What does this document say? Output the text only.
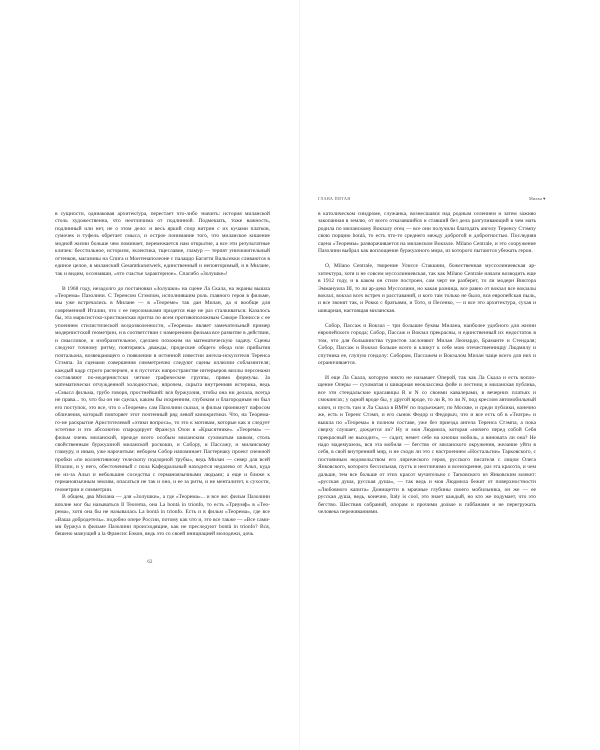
в сущности, одинаковая архитектура, перестает что-либо значить: история миланской столь художественна, что неотличима от подлинной. Подмешать, тоже важность, подлинный или нет, не о этом дело: и весь яркий спор витрин с их кучами платков, сумочек и туфель обретает смысл, и острое понимание того, что миланское кишение модной жизни больше чем поминает, перемежается нам открытие, а все эти результатные кличек: бесстильное, историзм, эклектика, тщеславие, гламур — терпят уничижительный оттенков, магазины на Спига и Монтенаполеоне с палаццо Багатти Вальсекки сливаются в единое целое, в миланский Gesamtkunstwerk, единственный и неповторимый, и в Милане, так и видим, осознавши, «что счастье характерное». Спасибо «Золушке»!

В 1968 году, незадолго до постановки «Золушки» на сцене Ла Скала, на экраны вышла «Теорема» Пазолини. С Теренсом Стэмпом, исполнившим роль главного героя в фильме, мы уже встречались в Милане — в «Теореме» так дан Милан, да и вообще для современной Италии, что с ее персонажами придется еще не раз сталкиваться. Казалось бы, эта марксистско-христианская притча по всем противоположным Сикоре Понисси с ее упоением стилистической вседозволенности, «Теорема» являет замечательный пример модернистской геометрии, и в соответствии с намерением фильма все развитие в действии, и смысловое, и изобразительное, сделано похожим на математическую задачу. Сцены следуют точному ритму, повторяясь дважды, продеские общего обеда или прибытия почтальона, возвещающего о появлении в истинной известии ангела-искусителя Теренса Стэмпа. За сценами совершения симметрично следуют сцены иллюзии соблазнителя; каждый кадр строго расчерчен, и в пустотах напространстве интерьеров виллы персонажи составляют по-модернистски четкие графические группы, прямо формулы. За математически отчужденной холодностью, впрочем, скрыта внутренняя истерика, ведь «Смысл фильма, грубо говоря, простнейший: вся буржуазия, чтобы она ни делала, всегда не права... то, что бы он ни сделал, каким бы искренним, глубоким и благородным ни был его поступок, это все, что о «Теореме» сам Пазолини сказал, и фильм проникнут пафосом обличения, который повторяет этот почтенный ряд левой кинокритики. Что, на Теорема-го-ие раскрытие Аристотелевой «этики вопроса», то это к мотивам, которые как и следует эстетике и это абсолютно спародирует Франсуа Озон в «Крысятнике». «Теорема» — фильм очень миланский, прежде всего особым миланским сухоматым шиком, столь свойственным буржуазной миланской роскоши, и Собору, и Пассажу, и миланскому гламуру, и иным, уже нарочитым: неборем Собор напоминает Пастернаку проект снежной пробки «по коллективному телескопу подзорной трубы», ведь Милан — север для всей Италии, и у него, обесточенный с пола Кафедральный находится недалеко от Альп, куда не из-за Альп и небольшие соседства с германоязычными людьми; а еще и ближе к германоязычным землям, опасаться не так и оно, и ее за ритм, и не менталитет, к сухости, геометрии и симметрии.

В общем, два Милана — для «Золушки», а где «Теорема»... и все же: фильм Пазолини вполне мог бы называться Il Teorema, она La bontà in trionfo, то есть «Триумф» в «Теорема», хотя она бы не называлась La bontà in trionfo. Есть и в фильм «Теорема», где все «Ваша добродетель». подобно опере России, потому как что и, это все также — «Все самими буржуа в фильме Пазолини происходящие, как не преследуют bontà in trionfo? Вся, бешено мажущий a la Франсис Бэкон, ведь это со своей инициацией молодежи, дочь

62
ГЛАВА ПЯТАЯ	Милан ♥

в католическом синдроме, служанка, вознесшаяся над родным селением и затем заживо закопанная в землю, от всего отказавшийся и ставший без дела разгуливающий в чем мать родила по миланскому Вокзалу отец — все они получили благодать ангелу Теренсу Стэмпу свою порцию bontà, то есть что-то среднего между добротой и добротностью. Последняя сцена «Теоремы» разворачивается на миланском Вокзале. Milano Centrale, и это сооружение Пазолини выбрал как воплощение буржуазного мира, из которого пытаются убежать герои.

О, Milano Centrale, творение Улиссе Стаккини, божественная муссолиниевская архитектура, хотя и не совсем муссолиниевская, так как Milano Centrale начали возводить еще в 1912 году, и в каком он стиле построен, сам черт не разберет, то ли модерн Виктора Эммануила III, то ли ар-деко Муссолини, но какая разница, все равно от вокзал все вокзалы вокзал, вокзал всех встреч и расставаний, и кого там только не было, вся европейская пыль, и все звонят так, и Рокко с братьями, и Тото, и Песенко, — и все это архитектура, сухая и шикарная, настоящая миланская.

Собор, Пассаж и Вокзал – три большие буквы Милана, наиболее удобного для жизни европейского города; Собор, Пассаж и Вокзал прекрасны, и единственный их недостаток в том, что для большинства туристов заслоняют Милан Леонардо, Браманте и Стендаля; Собор, Пассаж и Вокзал больше всего и кликут к себе мою отечественниццу Людмилу и спутника ее, глупую гондолу: Собором, Пассажем и Вокзалом Милан чаще всего для них и ограничивается.

И еще Ла Скала, которую никто не называет Оперой, так как Ла Скала и есть воплощение Оперы — сухоматая и шикарная неоклассика фойе и лестниц и миланская публика, все эти стендальские красавицы R и N со своими кавалерами, в вечерних платьях и смокингах; у одной вроде бы, у другой вроде, то ли R, то ли N, под креслом автомобильный ключ, и пусть там и Ла Скала в BMW по подъезжает, по Москве, и среди публики, конечно же, есть и Теренс Стэмп, и его сынок Федор и Федорыч, что и все есть об в «Театре» и вышла по «Теорема» в полном составе, уже без приезда ангела Теренса Стэмпа, а пока сверху слушает, дождется ли? Ну и моя Людмила, которая «ничего перед собой Себя прекрасный не выходит», — садит, немет себе на кнопки мобиль, а виновата ли она? Не надо мадемуазель, вся эта мобиля — бегство от миланского окружения, желание уйти в себя, в свой внутренний мир, и не сходи ли это с настроением «Ностальгии» Тарковского, с постоянным недовольством его лирического героя, русского писателя с лицом Олега Янковского, которого бессильная, пусть и неотличимо и всеискренне, раз эта красота, и чем дальше, тем все больше от этих красот мучительно с Tarковского из Янковским млекет: «русская душа, русская душа», — так ведь и моя Людмила бежит от поверхностности «Любовного капита» Донищетти в мрачные глубины своего мобильника, он же — ее русская душа, ведь, конечно, Italy is cool, это знает каждый, но кто же подумает, что это бегство. Шествия собраний, опорам и прочими дольче и габбанами и не перегружать человека переживаниями.
